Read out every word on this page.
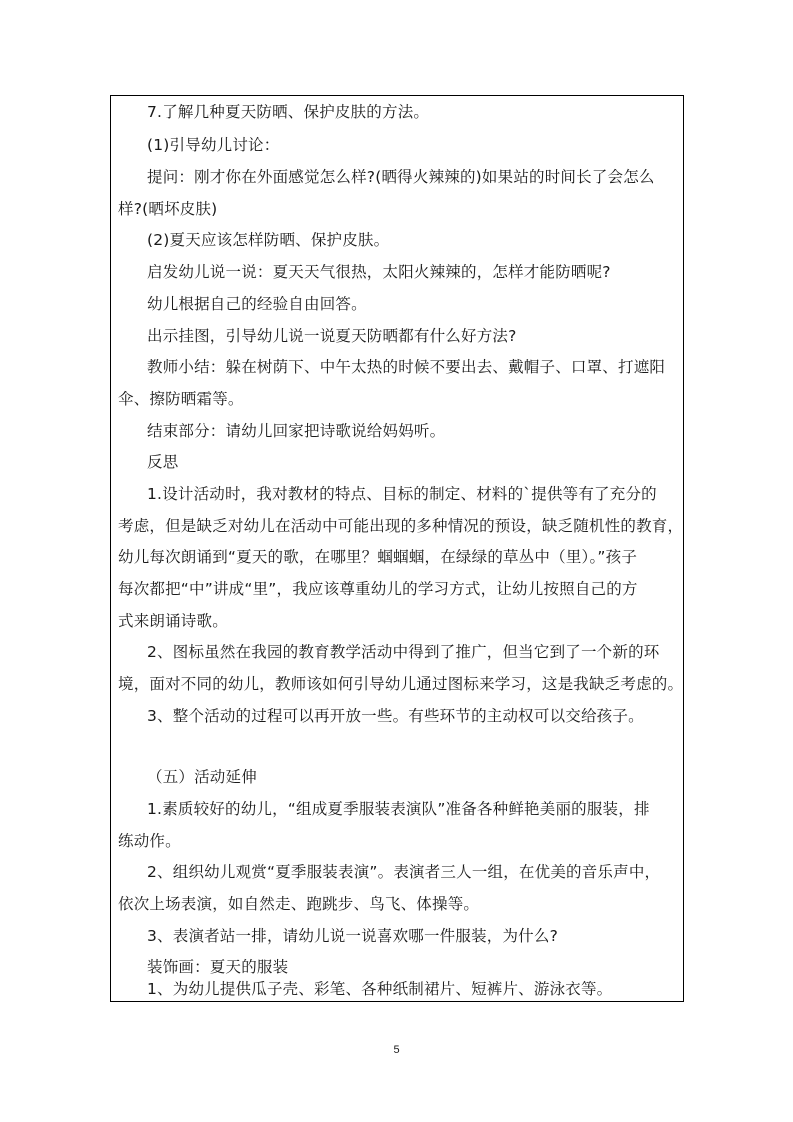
7.了解几种夏天防晒、保护皮肤的方法。
(1)引导幼儿讨论：
提问：刚才你在外面感觉怎么样?(晒得火辣辣的)如果站的时间长了会怎么
样?(晒坏皮肤)
(2)夏天应该怎样防晒、保护皮肤。
启发幼儿说一说：夏天天气很热，太阳火辣辣的，怎样才能防晒呢?
幼儿根据自己的经验自由回答。
出示挂图，引导幼儿说一说夏天防晒都有什么好方法?
教师小结：躲在树荫下、中午太热的时候不要出去、戴帽子、口罩、打遮阳
伞、擦防晒霜等。
结束部分：请幼儿回家把诗歌说给妈妈听。
反思
1.设计活动时，我对教材的特点、目标的制定、材料的`提供等有了充分的
考虑，但是缺乏对幼儿在活动中可能出现的多种情况的预设，缺乏随机性的教育，
幼儿每次朗诵到“夏天的歌，在哪里？蝈蝈蝈，在绿绿的草丛中（里）。”孩子
每次都把“中”讲成“里”，我应该尊重幼儿的学习方式，让幼儿按照自己的方
式来朗诵诗歌。
2、图标虽然在我园的教育教学活动中得到了推广，但当它到了一个新的环
境，面对不同的幼儿，教师该如何引导幼儿通过图标来学习，这是我缺乏考虑的。
3、整个活动的过程可以再开放一些。有些环节的主动权可以交给孩子。
（五）活动延伸
1.素质较好的幼儿，“组成夏季服装表演队”准备各种鲜艳美丽的服装，排
练动作。
2、组织幼儿观赏“夏季服装表演”。表演者三人一组，在优美的音乐声中，
依次上场表演，如自然走、跑跳步、鸟飞、体操等。
3、表演者站一排，请幼儿说一说喜欢哪一件服装，为什么?
装饰画：夏天的服装
1、为幼儿提供瓜子壳、彩笔、各种纸制裙片、短裤片、游泳衣等。
5
